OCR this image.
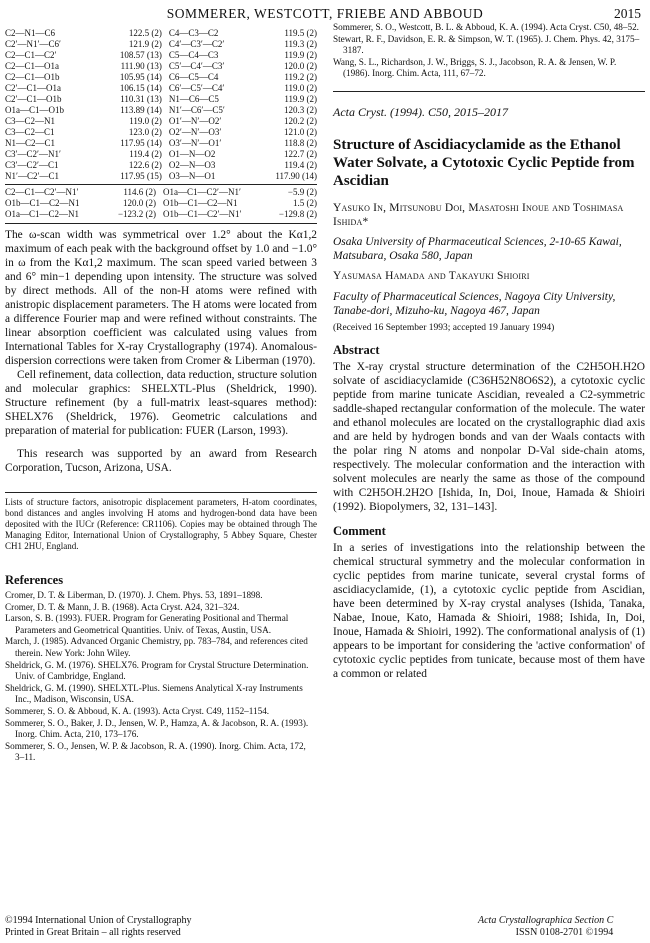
SOMMERER, WESTCOTT, FRIEBE AND ABBOUD	2015
C2—N1—C6	122.5 (2)	C4—C3—C2	119.5 (2)
C2′—N1′—C6′	121.9 (2)	C4′—C3′—C2′	119.3 (2)
C2—C1—C2′	108.57 (13)	C5—C4—C3	119.9 (2)
C2—C1—O1a	111.90 (13)	C5′—C4′—C3′	120.0 (2)
C2—C1—O1b	105.95 (14)	C6—C5—C4	119.2 (2)
C2′—C1—O1a	106.15 (14)	C6′—C5′—C4′	119.0 (2)
C2′—C1—O1b	110.31 (13)	N1—C6—C5	119.9 (2)
O1a—C1—O1b	113.89 (14)	N1′—C6′—C5′	120.3 (2)
C3—C2—N1	119.0 (2)	O1′—N′—O2′	120.2 (2)
C3—C2—C1	123.0 (2)	O2′—N′—O3′	121.0 (2)
N1—C2—C1	117.95 (14)	O3′—N′—O1′	118.8 (2)
C3′—C2′—N1′	119.4 (2)	O1—N—O2	122.7 (2)
C3′—C2′—C1	122.6 (2)	O2—N—O3	119.4 (2)
N1′—C2′—C1	117.95 (15)	O3—N—O1	117.90 (14)
C2—C1—C2′—N1′	114.6 (2)	O1a—C1—C2′—N1′	−5.9 (2)
O1b—C1—C2—N1	120.0 (2)	O1b—C1—C2—N1	1.5 (2)
O1a—C1—C2—N1	−123.2 (2)	O1b—C1—C2′—N1′	−129.8 (2)

The ω-scan width was symmetrical over 1.2° about the Kα1,2 maximum of each peak with the background offset by 1.0 and −1.0° in ω from the Kα1,2 maximum. The scan speed varied between 3 and 6° min−1 depending upon intensity. The structure was solved by direct methods. All of the non-H atoms were refined with anistropic displacement parameters. The H atoms were located from a difference Fourier map and were refined without constraints. The linear absorption coefficient was calculated using values from International Tables for X-ray Crystallography (1974). Anomalous-dispersion corrections were taken from Cromer & Liberman (1970).

Cell refinement, data collection, data reduction, structure solution and molecular graphics: SHELXTL-Plus (Sheldrick, 1990). Structure refinement (by a full-matrix least-squares method): SHELX76 (Sheldrick, 1976). Geometric calculations and preparation of material for publication: FUER (Larson, 1993).

This research was supported by an award from Research Corporation, Tucson, Arizona, USA.

Lists of structure factors, anisotropic displacement parameters, H-atom coordinates, bond distances and angles involving H atoms and hydrogen-bond data have been deposited with the IUCr (Reference: CR1106). Copies may be obtained through The Managing Editor, International Union of Crystallography, 5 Abbey Square, Chester CH1 2HU, England.

References
Cromer, D. T. & Liberman, D. (1970). J. Chem. Phys. 53, 1891–1898.
Cromer, D. T. & Mann, J. B. (1968). Acta Cryst. A24, 321–324.
Larson, S. B. (1993). FUER. Program for Generating Positional and Thermal Parameters and Geometrical Quantities. Univ. of Texas, Austin, USA.
March, J. (1985). Advanced Organic Chemistry, pp. 783–784, and references cited therein. New York: John Wiley.
Sheldrick, G. M. (1976). SHELX76. Program for Crystal Structure Determination. Univ. of Cambridge, England.
Sheldrick, G. M. (1990). SHELXTL-Plus. Siemens Analytical X-ray Instruments Inc., Madison, Wisconsin, USA.
Sommerer, S. O. & Abboud, K. A. (1993). Acta Cryst. C49, 1152–1154.
Sommerer, S. O., Baker, J. D., Jensen, W. P., Hamza, A. & Jacobson, R. A. (1993). Inorg. Chim. Acta, 210, 173–176.
Sommerer, S. O., Jensen, W. P. & Jacobson, R. A. (1990). Inorg. Chim. Acta, 172, 3–11.
©1994 International Union of Crystallography
Printed in Great Britain – all rights reserved
Sommerer, S. O., Westcott, B. L. & Abboud, K. A. (1994). Acta Cryst. C50, 48–52.
Stewart, R. F., Davidson, E. R. & Simpson, W. T. (1965). J. Chem. Phys. 42, 3175–3187.
Wang, S. L., Richardson, J. W., Briggs, S. J., Jacobson, R. A. & Jensen, W. P. (1986). Inorg. Chim. Acta, 111, 67–72.
Acta Cryst. (1994). C50, 2015–2017
Structure of Ascidiacyclamide as the Ethanol Water Solvate, a Cytotoxic Cyclic Peptide from Ascidian
Yasuko In, Mitsunobu Doi, Masatoshi Inoue and Toshimasa Ishida*
Osaka University of Pharmaceutical Sciences, 2-10-65 Kawai, Matsubara, Osaka 580, Japan
Yasumasa Hamada and Takayuki Shioiri
Faculty of Pharmaceutical Sciences, Nagoya City University, Tanabe-dori, Mizuho-ku, Nagoya 467, Japan
(Received 16 September 1993; accepted 19 January 1994)
Abstract

The X-ray crystal structure determination of the C2H5OH.H2O solvate of ascidiacyclamide (C36H52N8O6S2), a cytotoxic cyclic peptide from marine tunicate Ascidian, revealed a C2-symmetric saddle-shaped rectangular conformation of the molecule. The water and ethanol molecules are located on the crystallographic diad axis and are held by hydrogen bonds and van der Waals contacts with the polar ring N atoms and nonpolar D-Val side-chain atoms, respectively. The molecular conformation and the interaction with solvent molecules are nearly the same as those of the compound with C2H5OH.2H2O [Ishida, In, Doi, Inoue, Hamada & Shioiri (1992). Biopolymers, 32, 131–143].

Comment

In a series of investigations into the relationship between the chemical structural symmetry and the molecular conformation in cyclic peptides from marine tunicate, several crystal forms of ascidiacyclamide, (1), a cytotoxic cyclic peptide from Ascidian, have been determined by X-ray crystal analyses (Ishida, Tanaka, Nabae, Inoue, Kato, Hamada & Shioiri, 1988; Ishida, In, Doi, Inoue, Hamada & Shioiri, 1992). The conformational analysis of (1) appears to be important for considering the 'active conformation' of cytotoxic cyclic peptides from tunicate, because most of them have a common or related

Acta Crystallographica Section C
ISSN 0108-2701 ©1994
